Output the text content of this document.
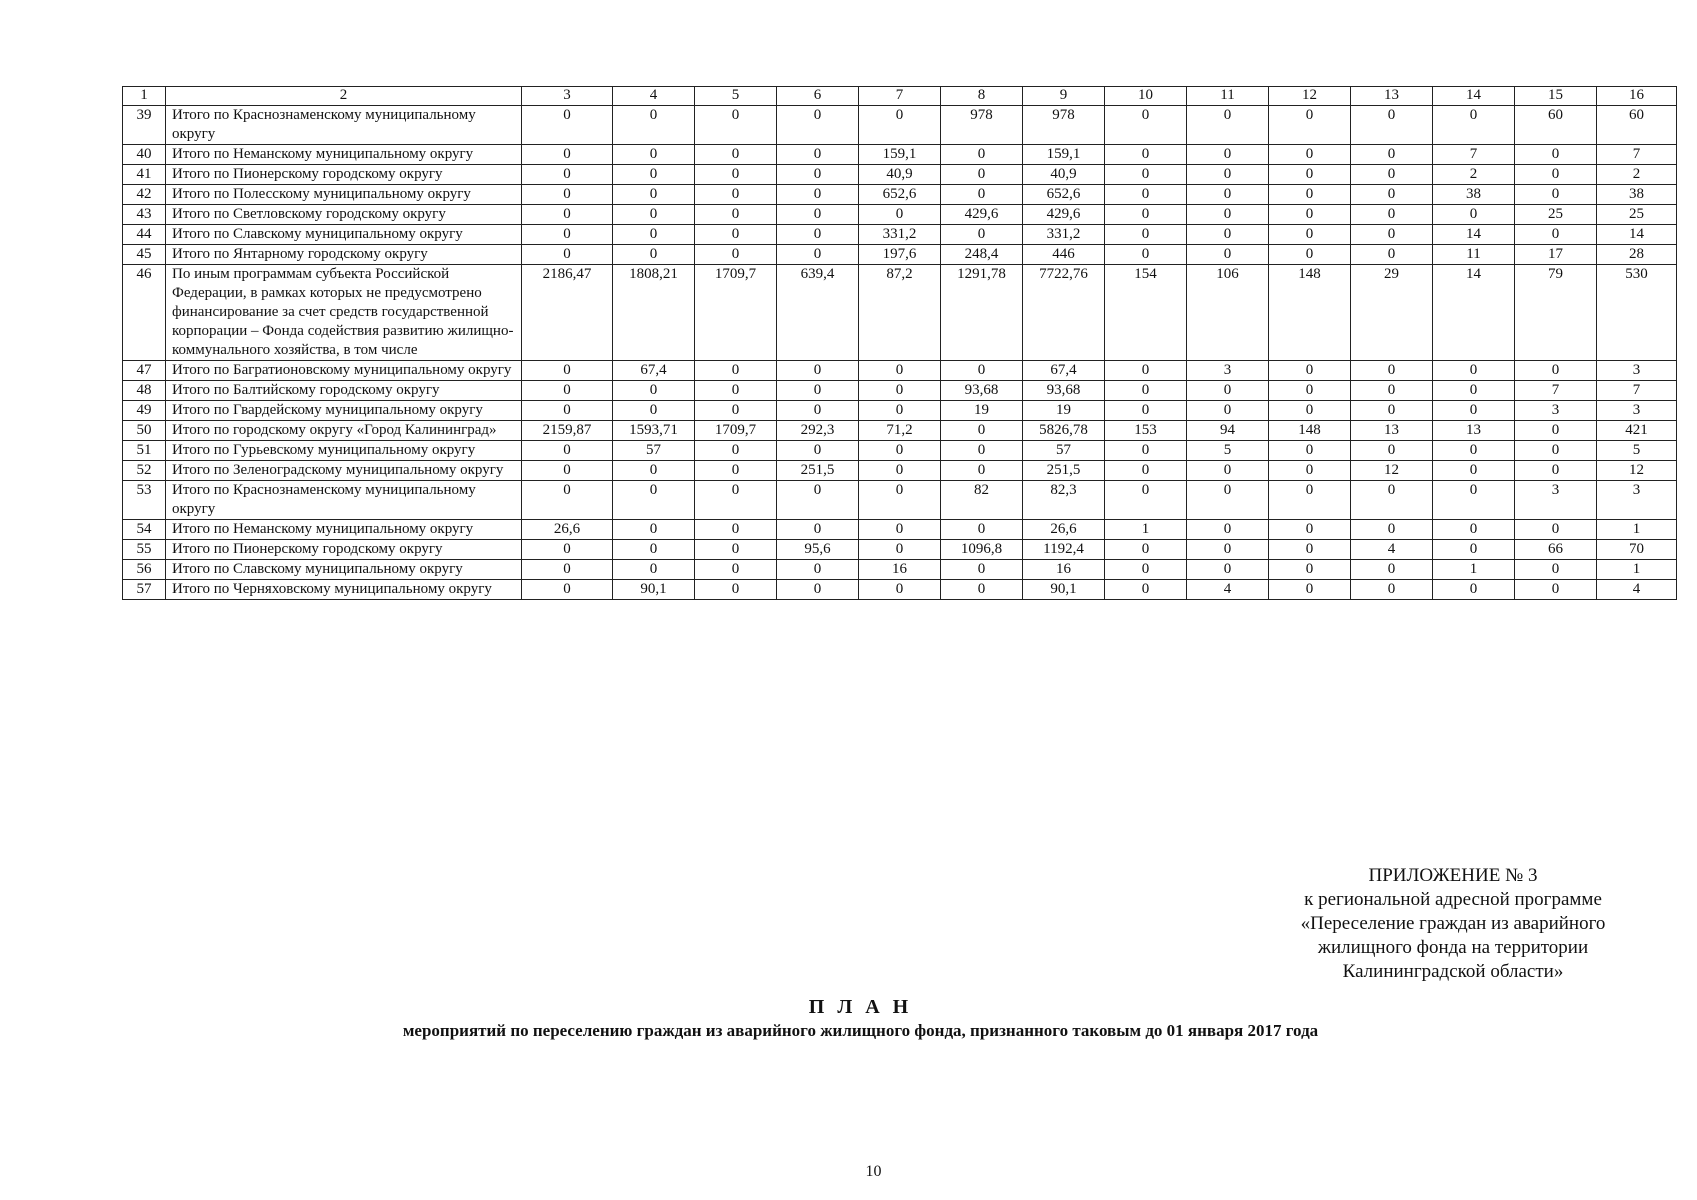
1	2	3	4	5	6	7	8	9	10	11	12	13	14	15	16
39	Итого по Краснознаменскому муниципальному округу	0	0	0	0	0	978	978	0	0	0	0	0	60	60
40	Итого по Неманскому муниципальному округу	0	0	0	0	159,1	0	159,1	0	0	0	0	7	0	7
41	Итого по Пионерскому городскому округу	0	0	0	0	40,9	0	40,9	0	0	0	0	2	0	2
42	Итого по Полесскому муниципальному округу	0	0	0	0	652,6	0	652,6	0	0	0	0	38	0	38
43	Итого по Светловскому городскому округу	0	0	0	0	0	429,6	429,6	0	0	0	0	0	25	25
44	Итого по Славскому муниципальному округу	0	0	0	0	331,2	0	331,2	0	0	0	0	14	0	14
45	Итого по Янтарному городскому округу	0	0	0	0	197,6	248,4	446	0	0	0	0	11	17	28
46	По иным программам субъекта Российской Федерации, в рамках которых не предусмотрено финансирование за счет средств государственной корпорации – Фонда содействия развитию жилищно-коммунального хозяйства, в том числе	2186,47	1808,21	1709,7	639,4	87,2	1291,78	7722,76	154	106	148	29	14	79	530
47	Итого по Багратионовскому муниципальному округу	0	67,4	0	0	0	0	67,4	0	3	0	0	0	0	3
48	Итого по Балтийскому городскому округу	0	0	0	0	0	93,68	93,68	0	0	0	0	0	7	7
49	Итого по Гвардейскому муниципальному округу	0	0	0	0	0	19	19	0	0	0	0	0	3	3
50	Итого по городскому округу «Город Калининград»	2159,87	1593,71	1709,7	292,3	71,2	0	5826,78	153	94	148	13	13	0	421
51	Итого по Гурьевскому муниципальному округу	0	57	0	0	0	0	57	0	5	0	0	0	0	5
52	Итого по Зеленоградскому муниципальному округу	0	0	0	251,5	0	0	251,5	0	0	0	12	0	0	12
53	Итого по Краснознаменскому муниципальному округу	0	0	0	0	0	82	82,3	0	0	0	0	0	3	3
54	Итого по Неманскому муниципальному округу	26,6	0	0	0	0	0	26,6	1	0	0	0	0	0	1
55	Итого по Пионерскому городскому округу	0	0	0	95,6	0	1096,8	1192,4	0	0	0	4	0	66	70
56	Итого по Славскому муниципальному округу	0	0	0	0	16	0	16	0	0	0	0	1	0	1
57	Итого по Черняховскому муниципальному округу	0	90,1	0	0	0	0	90,1	0	4	0	0	0	0	4
ПРИЛОЖЕНИЕ № 3
к региональной адресной программе
«Переселение граждан из аварийного
жилищного фонда на территории
Калининградской области»
П Л А Н
мероприятий по переселению граждан из аварийного жилищного фонда, признанного таковым до 01 января 2017 года
10
